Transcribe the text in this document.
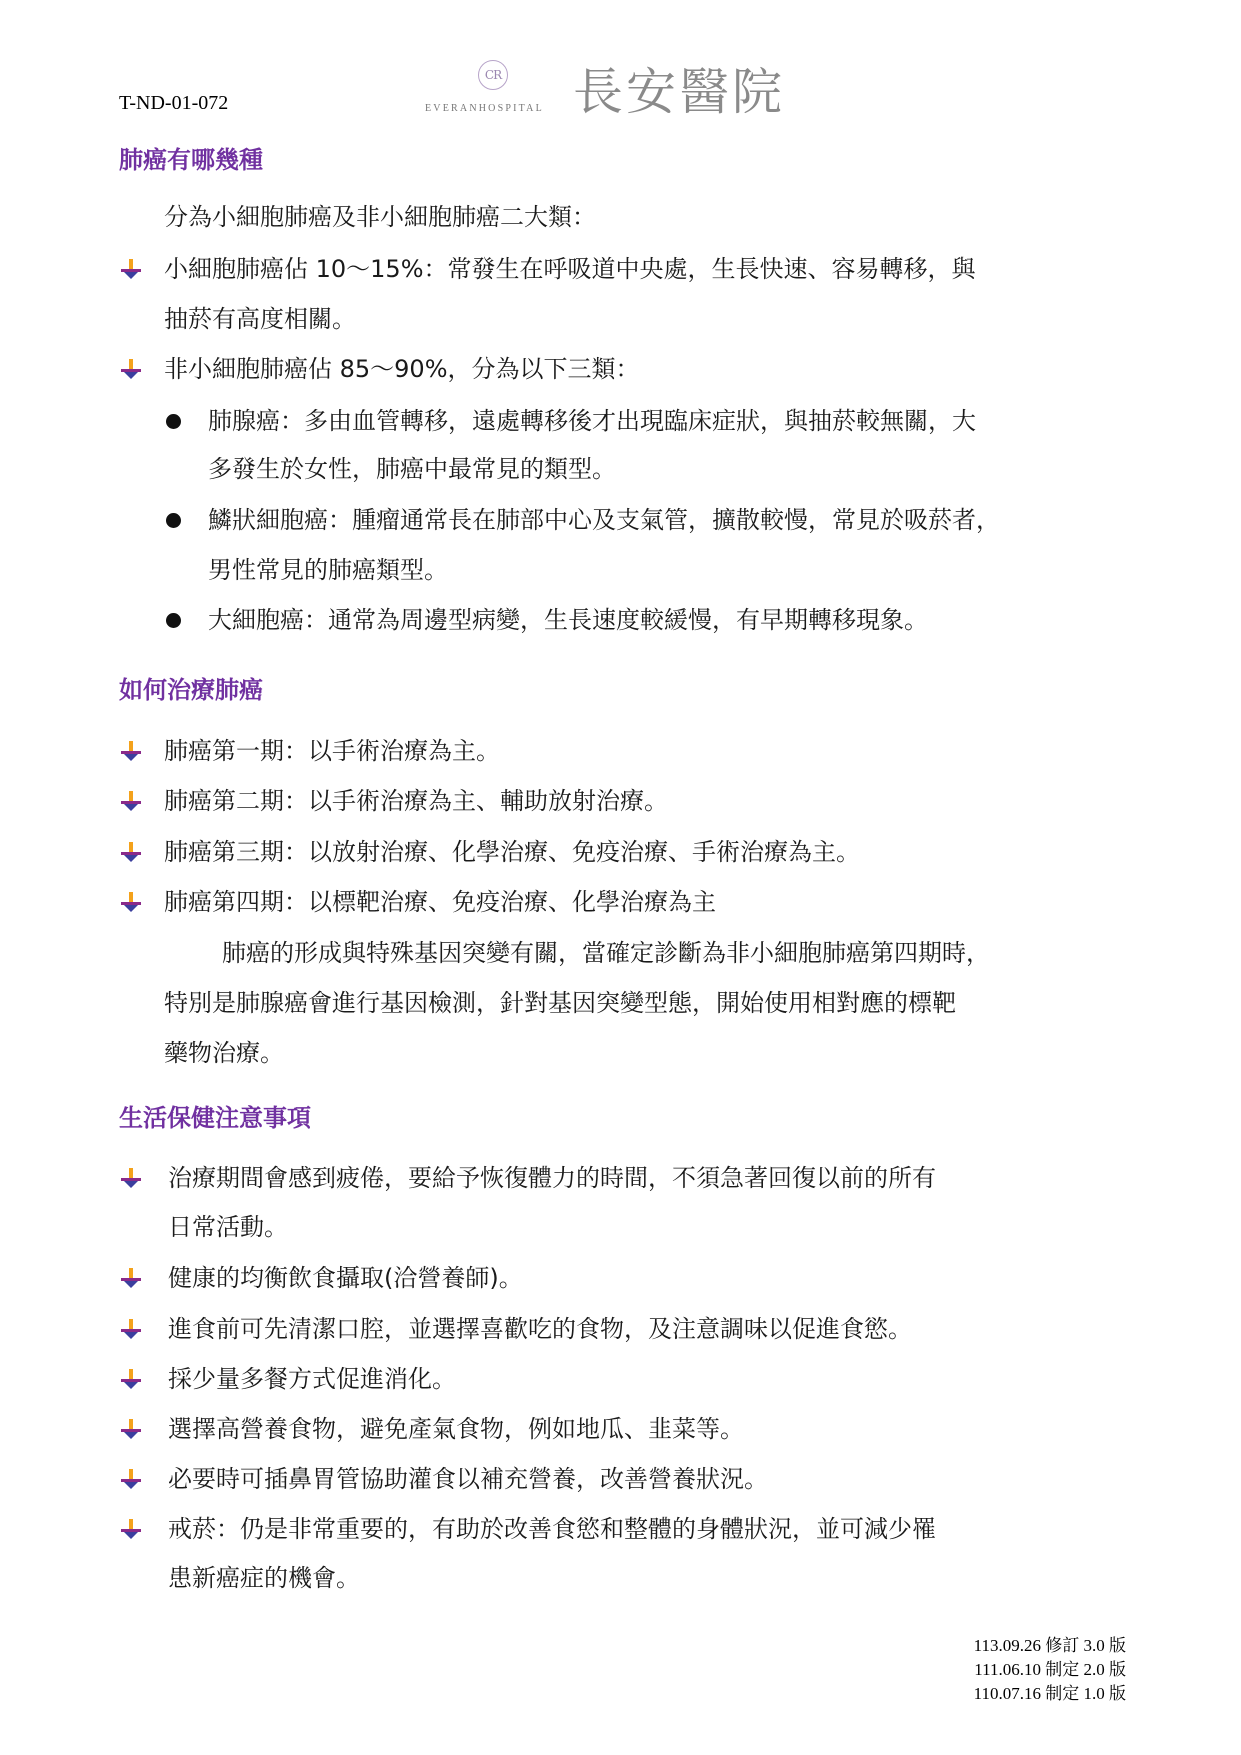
T-ND-01-072
CR
EVERANHOSPITAL 長安醫院
肺癌有哪幾種
分為小細胞肺癌及非小細胞肺癌二大類：
小細胞肺癌佔 10～15%：常發生在呼吸道中央處，生長快速、容易轉移，與
抽菸有高度相關。
非小細胞肺癌佔 85～90%，分為以下三類：
肺腺癌：多由血管轉移，遠處轉移後才出現臨床症狀，與抽菸較無關，大
多發生於女性，肺癌中最常見的類型。
鱗狀細胞癌：腫瘤通常長在肺部中心及支氣管，擴散較慢，常見於吸菸者，
男性常見的肺癌類型。
大細胞癌：通常為周邊型病變，生長速度較緩慢，有早期轉移現象。
如何治療肺癌
肺癌第一期：以手術治療為主。
肺癌第二期：以手術治療為主、輔助放射治療。
肺癌第三期：以放射治療、化學治療、免疫治療、手術治療為主。
肺癌第四期：以標靶治療、免疫治療、化學治療為主
肺癌的形成與特殊基因突變有關，當確定診斷為非小細胞肺癌第四期時，
特別是肺腺癌會進行基因檢測，針對基因突變型態，開始使用相對應的標靶
藥物治療。
生活保健注意事項
治療期間會感到疲倦，要給予恢復體力的時間，不須急著回復以前的所有
日常活動。
健康的均衡飲食攝取(洽營養師)。
進食前可先清潔口腔，並選擇喜歡吃的食物，及注意調味以促進食慾。
採少量多餐方式促進消化。
選擇高營養食物，避免產氣食物，例如地瓜、韭菜等。
必要時可插鼻胃管協助灌食以補充營養，改善營養狀況。
戒菸：仍是非常重要的，有助於改善食慾和整體的身體狀況，並可減少罹
患新癌症的機會。
113.09.26 修訂 3.0 版
111.06.10 制定 2.0 版
110.07.16 制定 1.0 版
